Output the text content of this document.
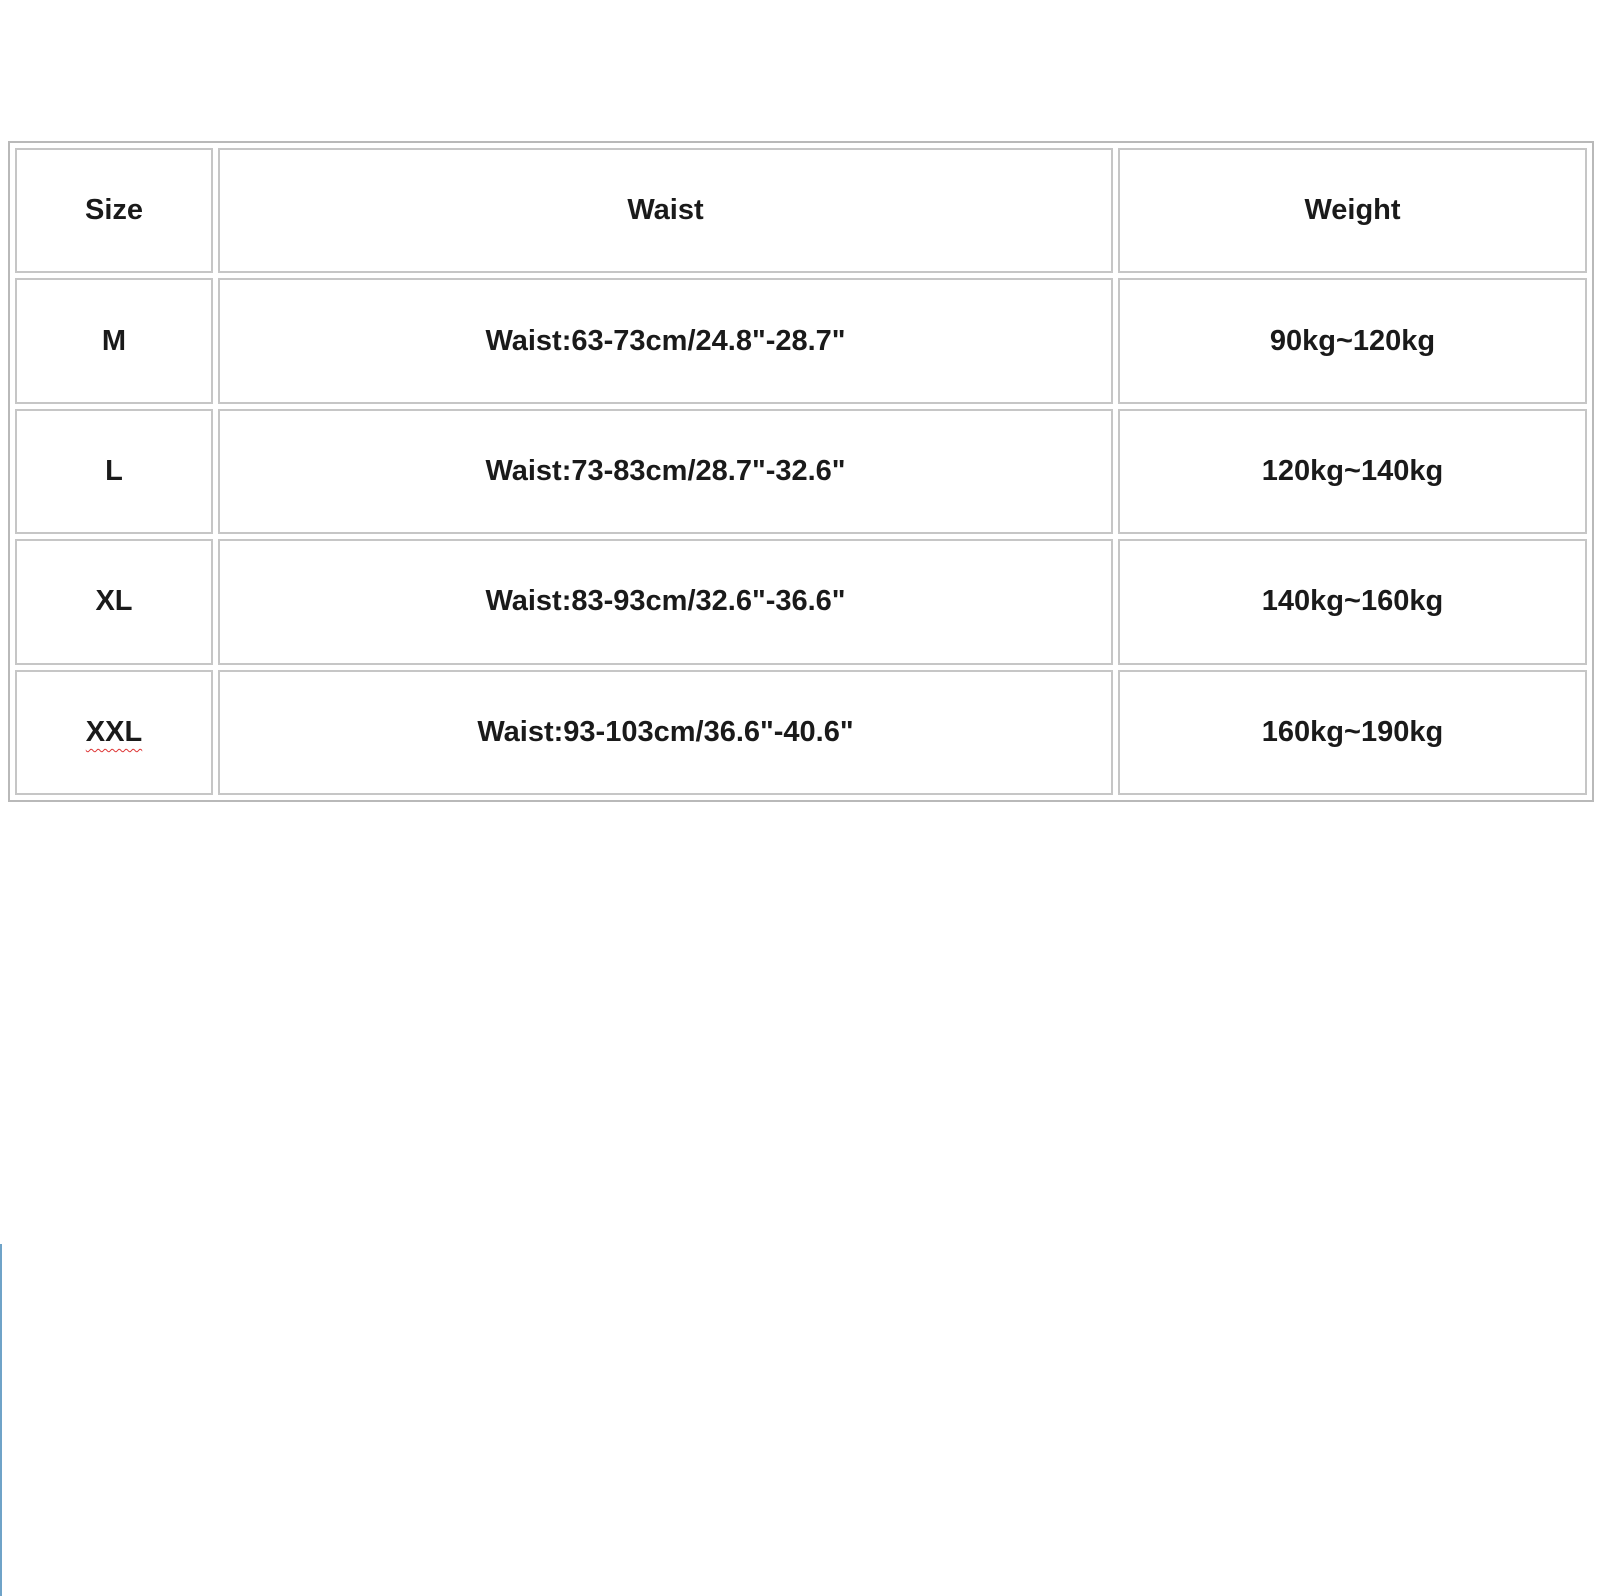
Size	Waist	Weight
M	Waist:63-73cm/24.8"-28.7"	90kg~120kg
L	Waist:73-83cm/28.7"-32.6"	120kg~140kg
XL	Waist:83-93cm/32.6"-36.6"	140kg~160kg
XXL	Waist:93-103cm/36.6"-40.6"	160kg~190kg
